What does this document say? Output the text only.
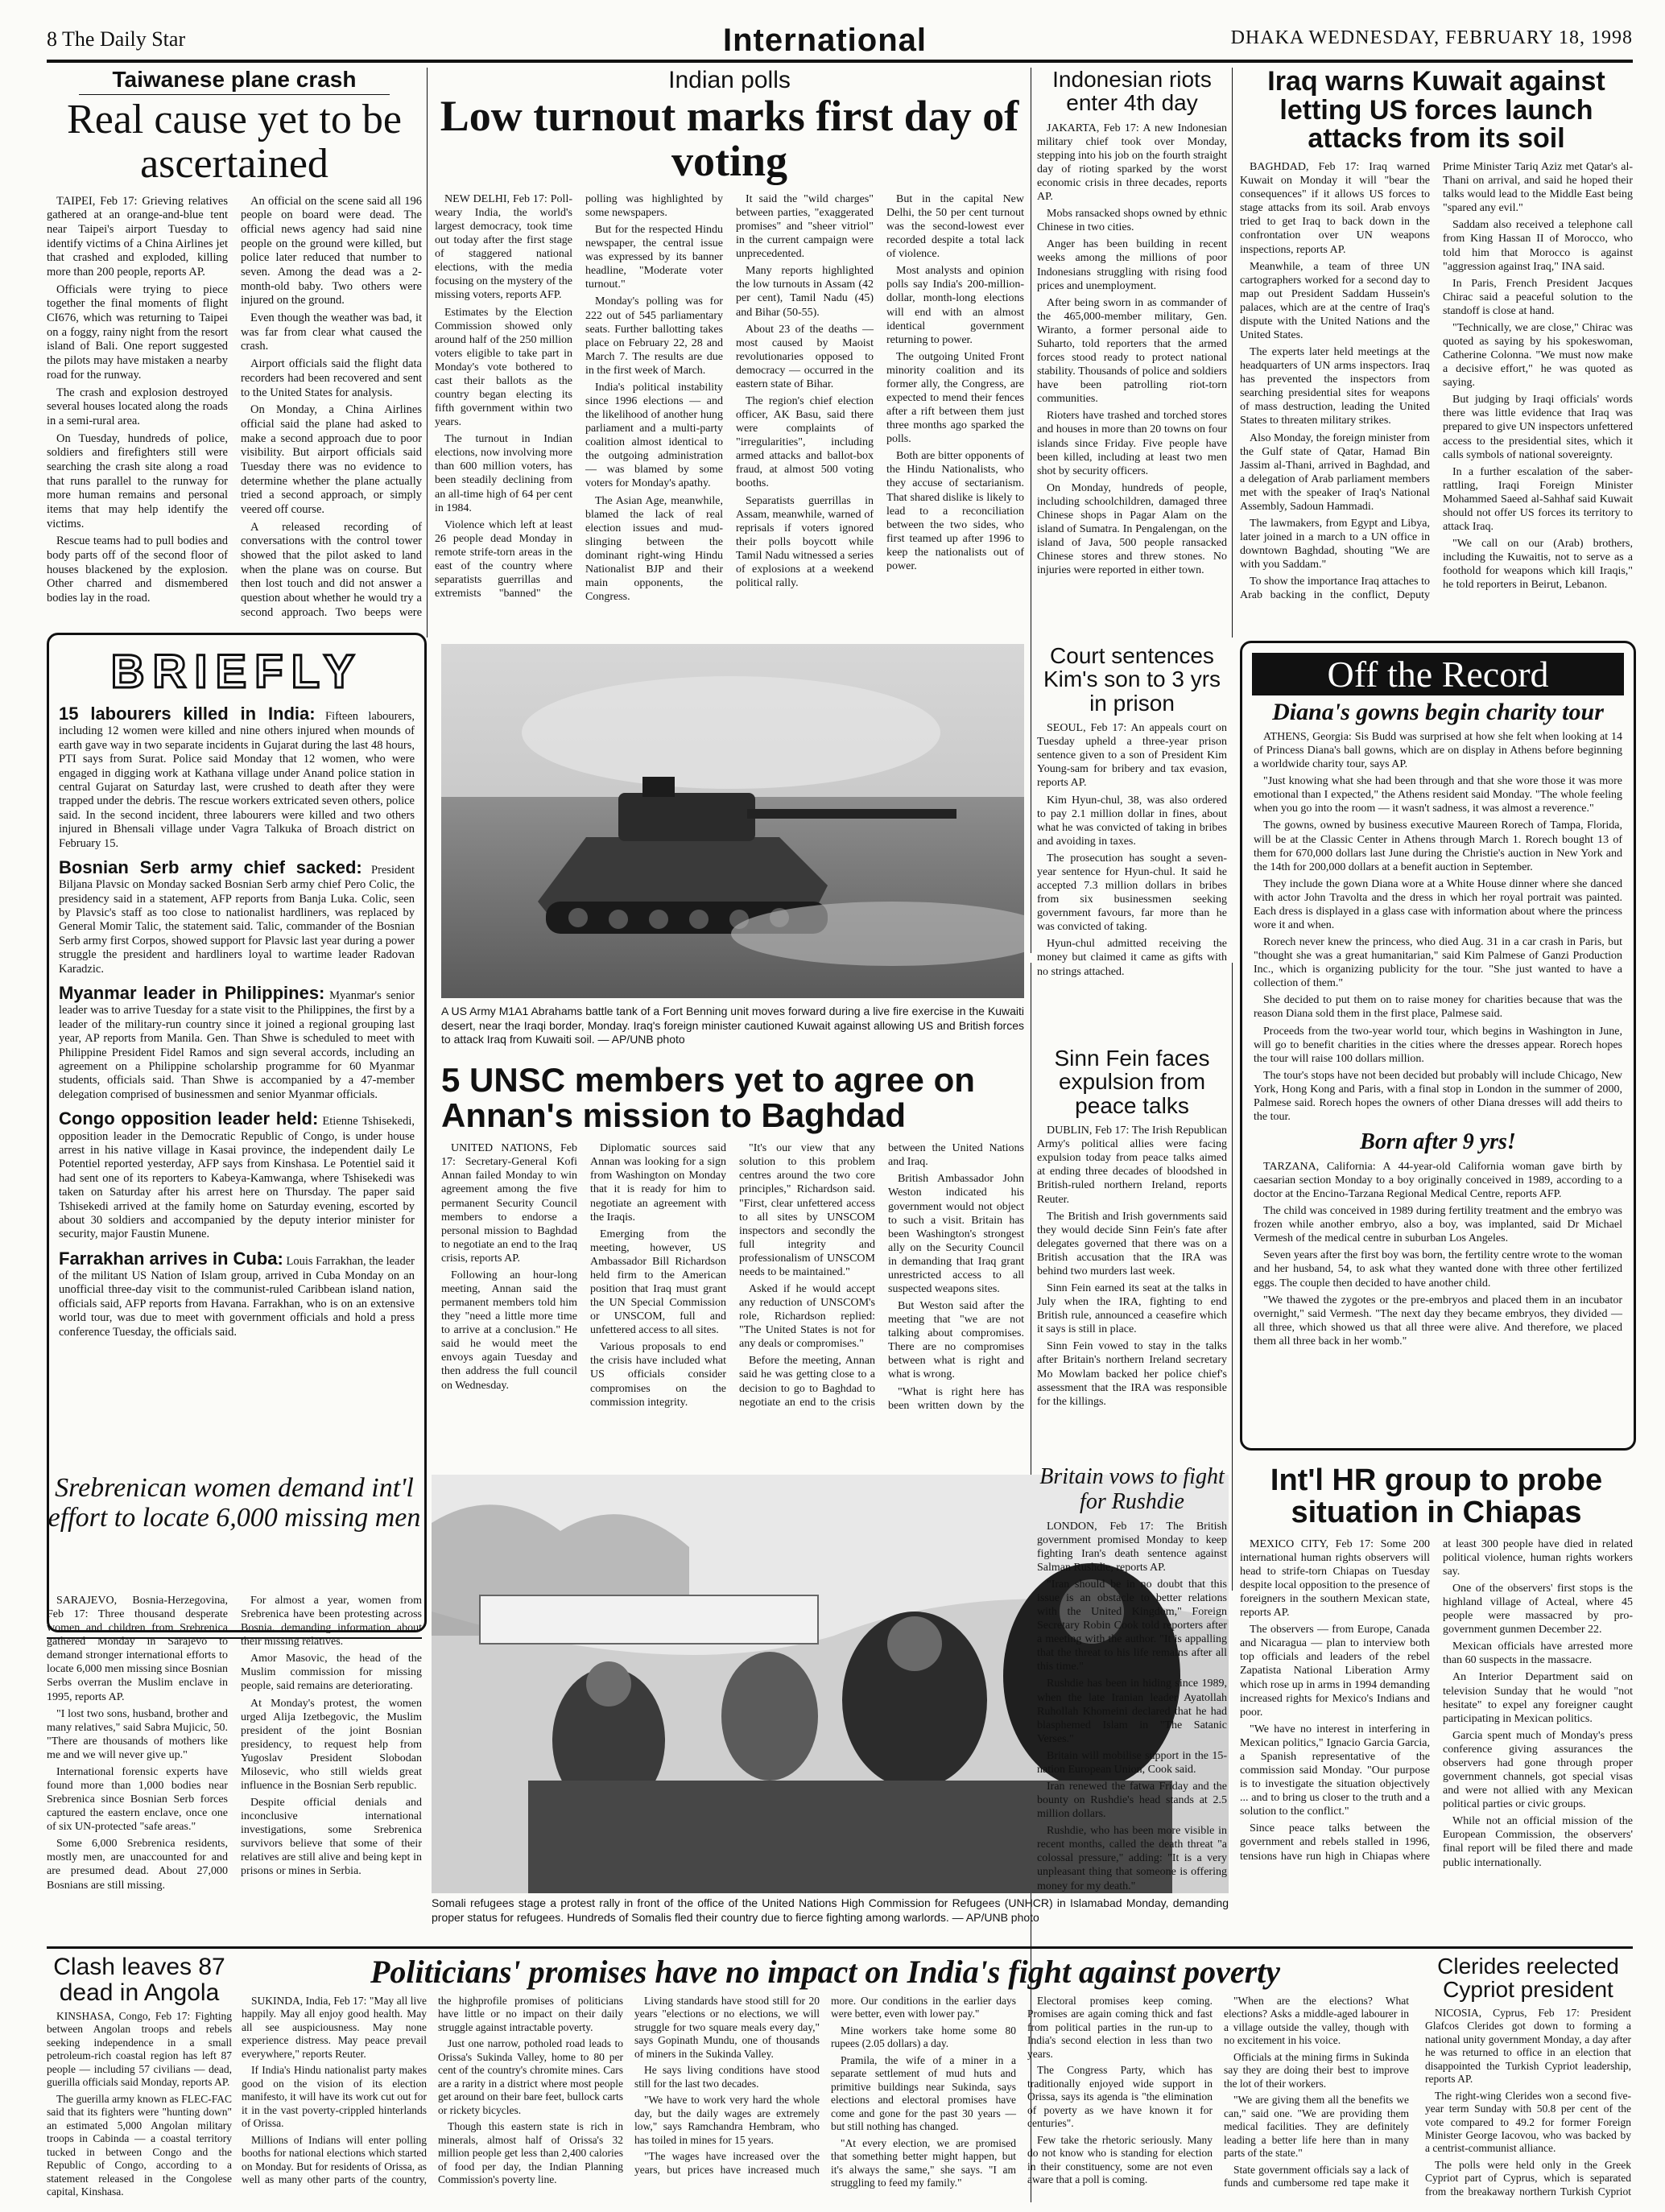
8 The Daily Star	International	DHAKA WEDNESDAY, FEBRUARY 18, 1998
Taiwanese plane crash
Real cause yet to be ascertained

TAIPEI, Feb 17: Grieving relatives gathered at an orange-and-blue tent near Taipei's airport Tuesday to identify victims of a China Airlines jet that crashed and exploded, killing more than 200 people, reports AP.

Officials were trying to piece together the final moments of flight CI676, which was returning to Taipei on a foggy, rainy night from the resort island of Bali. One report suggested the pilots may have mistaken a nearby road for the runway.

The crash and explosion destroyed several houses located along the roads in a semi-rural area.

On Tuesday, hundreds of police, soldiers and firefighters still were searching the crash site along a road that runs parallel to the runway for more human remains and personal items that may help identify the victims.

Rescue teams had to pull bodies and body parts off of the second floor of houses blackened by the explosion. Other charred and dismembered bodies lay in the road.

An official on the scene said all 196 people on board were dead. The official news agency had said nine people on the ground were killed, but police later reduced that number to seven. Among the dead was a 2-month-old baby. Two others were injured on the ground.

Even though the weather was bad, it was far from clear what caused the crash.

Airport officials said the flight data recorders had been recovered and sent to the United States for analysis.

On Monday, a China Airlines official said the plane had asked to make a second approach due to poor visibility. But airport officials said Tuesday there was no evidence to determine whether the plane actually tried a second approach, or simply veered off course.

A released recording of conversations with the control tower showed that the pilot asked to land when the plane was on course. But then lost touch and did not answer a question about whether he would try a second approach. Two beeps were

Indian polls
Low turnout marks first day of voting

NEW DELHI, Feb 17: Poll-weary India, the world's largest democracy, took time out today after the first stage of staggered national elections, with the media focusing on the mystery of the missing voters, reports AFP.

Estimates by the Election Commission showed only around half of the 250 million voters eligible to take part in Monday's vote bothered to cast their ballots as the country began electing its fifth government within two years.

The turnout in Indian elections, now involving more than 600 million voters, has been steadily declining from an all-time high of 64 per cent in 1984.

Violence which left at least 26 people dead Monday in remote strife-torn areas in the east of the country where separatists guerrillas and extremists "banned" the polling was highlighted by some newspapers.

But for the respected Hindu newspaper, the central issue was expressed by its banner headline, "Moderate voter turnout."

Monday's polling was for 222 out of 545 parliamentary seats. Further ballotting takes place on February 22, 28 and March 7. The results are due in the first week of March.

India's political instability since 1996 elections — and the likelihood of another hung parliament and a multi-party coalition almost identical to the outgoing administration — was blamed by some voters for Monday's apathy.

The Asian Age, meanwhile, blamed the lack of real election issues and mud-slinging between the dominant right-wing Hindu Nationalist BJP and their main opponents, the Congress.

It said the "wild charges" between parties, "exaggerated promises" and "sheer vitriol" in the current campaign were unprecedented.

Many reports highlighted the low turnouts in Assam (42 per cent), Tamil Nadu (45) and Bihar (50-55).

About 23 of the deaths — most caused by Maoist revolutionaries opposed to democracy — occurred in the eastern state of Bihar.

The region's chief election officer, AK Basu, said there were complaints of "irregularities", including armed attacks and ballot-box fraud, at almost 500 voting booths.

Separatists guerrillas in Assam, meanwhile, warned of reprisals if voters ignored their polls boycott while Tamil Nadu witnessed a series of explosions at a weekend political rally.

But in the capital New Delhi, the 50 per cent turnout was the second-lowest ever recorded despite a total lack of violence.

Most analysts and opinion polls say India's 200-million-dollar, month-long elections will end with an almost identical government returning to power.

The outgoing United Front minority coalition and its former ally, the Congress, are expected to mend their fences after a rift between them just three months ago sparked the polls.

Both are bitter opponents of the Hindu Nationalists, who they accuse of sectarianism. That shared dislike is likely to lead to a reconciliation between the two sides, who first teamed up after 1996 to keep the nationalists out of power.

Indonesian riots enter 4th day

JAKARTA, Feb 17: A new Indonesian military chief took over Monday, stepping into his job on the fourth straight day of rioting sparked by the worst economic crisis in three decades, reports AP.

Mobs ransacked shops owned by ethnic Chinese in two cities.

Anger has been building in recent weeks among the millions of poor Indonesians struggling with rising food prices and unemployment.

After being sworn in as commander of the 465,000-member military, Gen. Wiranto, a former personal aide to Suharto, told reporters that the armed forces stood ready to protect national stability. Thousands of police and soldiers have been patrolling riot-torn communities.

Rioters have trashed and torched stores and houses in more than 20 towns on four islands since Friday. Five people have been killed, including at least two men shot by security officers.

On Monday, hundreds of people, including schoolchildren, damaged three Chinese shops in Pagar Alam on the island of Sumatra. In Pengalengan, on the island of Java, 500 people ransacked Chinese stores and threw stones. No injuries were reported in either town.

Iraq warns Kuwait against letting US forces launch attacks from its soil

BAGHDAD, Feb 17: Iraq warned Kuwait on Monday it will "bear the consequences" if it allows US forces to stage attacks from its soil. Arab envoys tried to get Iraq to back down in the confrontation over UN weapons inspections, reports AP.

Meanwhile, a team of three UN cartographers worked for a second day to map out President Saddam Hussein's palaces, which are at the centre of Iraq's dispute with the United Nations and the United States.

The experts later held meetings at the headquarters of UN arms inspectors. Iraq has prevented the inspectors from searching presidential sites for weapons of mass destruction, leading the United States to threaten military strikes.

Also Monday, the foreign minister from the Gulf state of Qatar, Hamad Bin Jassim al-Thani, arrived in Baghdad, and a delegation of Arab parliament members met with the speaker of Iraq's National Assembly, Sadoun Hammadi.

The lawmakers, from Egypt and Libya, later joined in a march to a UN office in downtown Baghdad, shouting "We are with you Saddam."

To show the importance Iraq attaches to Arab backing in the conflict, Deputy Prime Minister Tariq Aziz met Qatar's al-Thani on arrival, and said he hoped their talks would lead to the Middle East being "spared any evil."

Saddam also received a telephone call from King Hassan II of Morocco, who told him that Morocco is against "aggression against Iraq," INA said.

In Paris, French President Jacques Chirac said a peaceful solution to the standoff is close at hand.

"Technically, we are close," Chirac was quoted as saying by his spokeswoman, Catherine Colonna. "We must now make a decisive effort," he was quoted as saying.

But judging by Iraqi officials' words there was little evidence that Iraq was prepared to give UN inspectors unfettered access to the presidential sites, which it calls symbols of national sovereignty.

In a further escalation of the saber-rattling, Iraqi Foreign Minister Mohammed Saeed al-Sahhaf said Kuwait should not offer US forces its territory to attack Iraq.

"We call on our (Arab) brothers, including the Kuwaitis, not to serve as a foothold for weapons which kill Iraqis," he told reporters in Beirut, Lebanon.

BRIEFLY
15 labourers killed in India: Fifteen labourers, including 12 women were killed and nine others injured when mounds of earth gave way in two separate incidents in Gujarat during the last 48 hours, PTI says from Surat. Police said Monday that 12 women, who were engaged in digging work at Kathana village under Anand police station in central Gujarat on Saturday last, were crushed to death after they were trapped under the debris. The rescue workers extricated seven others, police said. In the second incident, three labourers were killed and two others injured in Bhensali village under Vagra Talkuka of Broach district on February 15.
Bosnian Serb army chief sacked: President Biljana Plavsic on Monday sacked Bosnian Serb army chief Pero Colic, the presidency said in a statement, AFP reports from Banja Luka. Colic, seen by Plavsic's staff as too close to nationalist hardliners, was replaced by General Momir Talic, the statement said. Talic, commander of the Bosnian Serb army first Corpos, showed support for Plavsic last year during a power struggle the president and hardliners loyal to wartime leader Radovan Karadzic.
Myanmar leader in Philippines: Myanmar's senior leader was to arrive Tuesday for a state visit to the Philippines, the first by a leader of the military-run country since it joined a regional grouping last year, AP reports from Manila. Gen. Than Shwe is scheduled to meet with Philippine President Fidel Ramos and sign several accords, including an agreement on a Philippine scholarship programme for 60 Myanmar students, officials said. Than Shwe is accompanied by a 47-member delegation comprised of businessmen and senior Myanmar officials.
Congo opposition leader held: Etienne Tshisekedi, opposition leader in the Democratic Republic of Congo, is under house arrest in his native village in Kasai province, the independent daily Le Potentiel reported yesterday, AFP says from Kinshasa. Le Potentiel said it had sent one of its reporters to Kabeya-Kamwanga, where Tshisekedi was taken on Saturday after his arrest here on Thursday. The paper said Tshisekedi arrived at the family home on Saturday evening, escorted by about 30 soldiers and accompanied by the deputy interior minister for security, major Faustin Munene.
Farrakhan arrives in Cuba: Louis Farrakhan, the leader of the militant US Nation of Islam group, arrived in Cuba Monday on an unofficial three-day visit to the communist-ruled Caribbean island nation, officials said, AFP reports from Havana. Farrakhan, who is on an extensive world tour, was due to meet with government officials and hold a press conference Tuesday, the officials said.
A US Army M1A1 Abrahams battle tank of a Fort Benning unit moves forward during a live fire exercise in the Kuwaiti desert, near the Iraqi border, Monday. Iraq's foreign minister cautioned Kuwait against allowing US and British forces to attack Iraq from Kuwaiti soil. — AP/UNB photo
Court sentences Kim's son to 3 yrs in prison

SEOUL, Feb 17: An appeals court on Tuesday upheld a three-year prison sentence given to a son of President Kim Young-sam for bribery and tax evasion, reports AP.

Kim Hyun-chul, 38, was also ordered to pay 2.1 million dollar in fines, about what he was convicted of taking in bribes and avoiding in taxes.

The prosecution has sought a seven-year sentence for Hyun-chul. It said he accepted 7.3 million dollars in bribes from six businessmen seeking government favours, far more than he was convicted of taking.

Hyun-chul admitted receiving the money but claimed it came as gifts with no strings attached.

Sinn Fein faces expulsion from peace talks

DUBLIN, Feb 17: The Irish Republican Army's political allies were facing expulsion today from peace talks aimed at ending three decades of bloodshed in British-ruled northern Ireland, reports Reuter.

The British and Irish governments said they would decide Sinn Fein's fate after delegates governed that there was on a British accusation that the IRA was behind two murders last week.

Sinn Fein earned its seat at the talks in July when the IRA, fighting to end British rule, announced a ceasefire which it says is still in place.

Sinn Fein vowed to stay in the talks after Britain's northern Ireland secretary Mo Mowlam backed her police chief's assessment that the IRA was responsible for the killings.

Off the Record
Diana's gowns begin charity tour

ATHENS, Georgia: Sis Budd was surprised at how she felt when looking at 14 of Princess Diana's ball gowns, which are on display in Athens before beginning a worldwide charity tour, says AP.

"Just knowing what she had been through and that she wore those it was more emotional than I expected," the Athens resident said Monday. "The whole feeling when you go into the room — it wasn't sadness, it was almost a reverence."

The gowns, owned by business executive Maureen Rorech of Tampa, Florida, will be at the Classic Center in Athens through March 1. Rorech bought 13 of them for 670,000 dollars last June during the Christie's auction in New York and the 14th for 200,000 dollars at a benefit auction in September.

They include the gown Diana wore at a White House dinner where she danced with actor John Travolta and the dress in which her royal portrait was painted. Each dress is displayed in a glass case with information about where the princess wore it and when.

Rorech never knew the princess, who died Aug. 31 in a car crash in Paris, but "thought she was a great humanitarian," said Kim Palmese of Ganzi Production Inc., which is organizing publicity for the tour. "She just wanted to have a collection of them."

She decided to put them on to raise money for charities because that was the reason Diana sold them in the first place, Palmese said.

Proceeds from the two-year world tour, which begins in Washington in June, will go to benefit charities in the cities where the dresses appear. Rorech hopes the tour will raise 100 dollars million.

The tour's stops have not been decided but probably will include Chicago, New York, Hong Kong and Paris, with a final stop in London in the summer of 2000, Palmese said. Rorech hopes the owners of other Diana dresses will add theirs to the tour.

Born after 9 yrs!

TARZANA, California: A 44-year-old California woman gave birth by caesarian section Monday to a boy originally conceived in 1989, according to a doctor at the Encino-Tarzana Regional Medical Centre, reports AFP.

The child was conceived in 1989 during fertility treatment and the embryo was frozen while another embryo, also a boy, was implanted, said Dr Michael Vermesh of the medical centre in suburban Los Angeles.

Seven years after the first boy was born, the fertility centre wrote to the woman and her husband, 54, to ask what they wanted done with three other fertilized eggs. The couple then decided to have another child.

"We thawed the zygotes or the pre-embryos and placed them in an incubator overnight," said Vermesh. "The next day they became embryos, they divided — all three, which showed us that all three were alive. And therefore, we placed them all three back in her womb."

5 UNSC members yet to agree on Annan's mission to Baghdad

UNITED NATIONS, Feb 17: Secretary-General Kofi Annan failed Monday to win agreement among the five permanent Security Council members to endorse a personal mission to Baghdad to negotiate an end to the Iraq crisis, reports AP.

Following an hour-long meeting, Annan said the permanent members told him they "need a little more time to arrive at a conclusion." He said he would meet the envoys again Tuesday and then address the full council on Wednesday.

Diplomatic sources said Annan was looking for a sign from Washington on Monday that it is ready for him to negotiate an agreement with the Iraqis.

Emerging from the meeting, however, US Ambassador Bill Richardson held firm to the American position that Iraq must grant the UN Special Commission or UNSCOM, full and unfettered access to all sites.

Various proposals to end the crisis have included what US officials consider compromises on the commission integrity.

"It's our view that any solution to this problem centres around the two core principles," Richardson said. "First, clear unfettered access to all sites by UNSCOM inspectors and secondly the full integrity and professionalism of UNSCOM needs to be maintained."

Asked if he would accept any reduction of UNSCOM's role, Richardson replied: "The United States is not for any deals or compromises."

Before the meeting, Annan said he was getting close to a decision to go to Baghdad to negotiate an end to the crisis between the United Nations and Iraq.

British Ambassador John Weston indicated his government would not object to such a visit. Britain has been Washington's strongest ally on the Security Council in demanding that Iraq grant unrestricted access to all suspected weapons sites.

But Weston said after the meeting that "we are not talking about compromises. There are no compromises between what is right and what is wrong.

"What is right here has been written down by the

Srebrenican women demand int'l effort to locate 6,000 missing men

SARAJEVO, Bosnia-Herzegovina, Feb 17: Three thousand desperate women and children from Srebrenica gathered Monday in Sarajevo to demand stronger international efforts to locate 6,000 men missing since Bosnian Serbs overran the Muslim enclave in 1995, reports AP.

"I lost two sons, husband, brother and many relatives," said Sabra Mujicic, 50. "There are thousands of mothers like me and we will never give up."

International forensic experts have found more than 1,000 bodies near Srebrenica since Bosnian Serb forces captured the eastern enclave, once one of six UN-protected "safe areas."

Some 6,000 Srebrenica residents, mostly men, are unaccounted for and are presumed dead. About 27,000 Bosnians are still missing.

For almost a year, women from Srebrenica have been protesting across Bosnia, demanding information about their missing relatives.

Amor Masovic, the head of the Muslim commission for missing people, said remains are deteriorating.

At Monday's protest, the women urged Alija Izetbegovic, the Muslim president of the joint Bosnian presidency, to request help from Yugoslav President Slobodan Milosevic, who still wields great influence in the Bosnian Serb republic.

Despite official denials and inconclusive international investigations, some Srebrenica survivors believe that some of their relatives are still alive and being kept in prisons or mines in Serbia.

Somali refugees stage a protest rally in front of the office of the United Nations High Commission for Refugees (UNHCR) in Islamabad Monday, demanding proper status for refugees. Hundreds of Somalis fled their country due to fierce fighting among warlords. — AP/UNB photo
Britain vows to fight for Rushdie

LONDON, Feb 17: The British government promised Monday to keep fighting Iran's death sentence against Salman Rushdie, reports AP.

"Iran should be in no doubt that this issue is an obstacle to better relations with the United Kingdom," Foreign Secretary Robin Cook told reporters after a meeting with the author. "It is appalling that the threat to his life remains after all this time."

Rushdie has been in hiding since 1989, when the late Iranian leader Ayatollah Ruhollah Khomeini declared that he had blasphemed Islam in "The Satanic Verses."

Britain will mobilise support in the 15-nation European Union, Cook said.

Iran renewed the fatwa Friday and the bounty on Rushdie's head stands at 2.5 million dollars.

Rushdie, who has been more visible in recent months, called the death threat "a colossal pressure," adding: "It is a very unpleasant thing that someone is offering money for my death."

Int'l HR group to probe situation in Chiapas

MEXICO CITY, Feb 17: Some 200 international human rights observers will head to strife-torn Chiapas on Tuesday despite local opposition to the presence of foreigners in the southern Mexican state, reports AP.

The observers — from Europe, Canada and Nicaragua — plan to interview both top officials and leaders of the rebel Zapatista National Liberation Army which rose up in arms in 1994 demanding increased rights for Mexico's Indians and poor.

"We have no interest in interfering in Mexican politics," Ignacio Garcia Garcia, a Spanish representative of the commission said Monday. "Our purpose is to investigate the situation objectively ... and to bring us closer to the truth and a solution to the conflict."

Since peace talks between the government and rebels stalled in 1996, tensions have run high in Chiapas where at least 300 people have died in related political violence, human rights workers say.

One of the observers' first stops is the highland village of Acteal, where 45 people were massacred by pro-government gunmen December 22.

Mexican officials have arrested more than 60 suspects in the massacre.

An Interior Department said on television Sunday that he would "not hesitate" to expel any foreigner caught participating in Mexican politics.

Garcia spent much of Monday's press conference giving assurances the observers had gone through proper government channels, got special visas and were not allied with any Mexican political parties or civic groups.

While not an official mission of the European Commission, the observers' final report will be filed there and made public internationally.

Clash leaves 87 dead in Angola

KINSHASA, Congo, Feb 17: Fighting between Angolan troops and rebels seeking independence in a small petroleum-rich coastal region has left 87 people — including 57 civilians — dead, guerilla officials said Monday, reports AP.

The guerilla army known as FLEC-FAC said that its fighters were "hunting down" an estimated 5,000 Angolan military troops in Cabinda — a coastal territory tucked in between Congo and the Republic of Congo, according to a statement released in the Congolese capital, Kinshasa.

Politicians' promises have no impact on India's fight against poverty

SUKINDA, India, Feb 17: "May all live happily. May all enjoy good health. May all see auspiciousness. May none experience distress. May peace prevail everywhere," reports Reuter.

If India's Hindu nationalist party makes good on the vision of its election manifesto, it will have its work cut out for it in the vast poverty-crippled hinterlands of Orissa.

Millions of Indians will enter polling booths for national elections which started on Monday. But for residents of Orissa, as well as many other parts of the country, the highprofile promises of politicians have little or no impact on their daily struggle against intractable poverty.

Just one narrow, potholed road leads to Orissa's Sukinda Valley, home to 80 per cent of the country's chromite mines. Cars are a rarity in a district where most people get around on their bare feet, bullock carts or rickety bicycles.

Though this eastern state is rich in minerals, almost half of Orissa's 32 million people get less than 2,400 calories of food per day, the Indian Planning Commission's poverty line.

Living standards have stood still for 20 years "elections or no elections, we will struggle for two square meals every day," says Gopinath Mundu, one of thousands of miners in the Sukinda Valley.

He says living conditions have stood still for the last two decades.

"We have to work very hard the whole day, but the daily wages are extremely low," says Ramchandra Hembram, who has toiled in mines for 15 years.

"The wages have increased over the years, but prices have increased much more. Our conditions in the earlier days were better, even with lower pay."

Mine workers take home some 80 rupees (2.05 dollars) a day.

Pramila, the wife of a miner in a separate settlement of mud huts and primitive buildings near Sukinda, says elections and electoral promises have come and gone for the past 30 years — but still nothing has changed.

"At every election, we are promised that something better might happen, but it's always the same," she says. "I am struggling to feed my family."

Electoral promises keep coming. Promises are again coming thick and fast from political parties in the run-up to India's second election in less than two years.

The Congress Party, which has traditionally enjoyed wide support in Orissa, says its agenda is "the elimination of poverty as we have known it for centuries".

Few take the rhetoric seriously. Many do not know who is standing for election in their constituency, some are not even aware that a poll is coming.

"When are the elections? What elections? Asks a middle-aged labourer in a village outside the valley, though with no excitement in his voice.

Officials at the mining firms in Sukinda say they are doing their best to improve the lot of their workers.

"We are giving them all the benefits we can," said one. "We are providing them medical facilities. They are definitely leading a better life here than in many parts of the state."

State government officials say a lack of funds and cumbersome red tape make it

Clerides reelected Cypriot president

NICOSIA, Cyprus, Feb 17: President Glafcos Clerides got down to forming a national unity government Monday, a day after he was returned to office in an election that disappointed the Turkish Cypriot leadership, reports AP.

The right-wing Clerides won a second five-year term Sunday with 50.8 per cent of the vote compared to 49.2 for former Foreign Minister George Iacovou, who was backed by a centrist-communist alliance.

The polls were held only in the Greek Cypriot part of Cyprus, which is separated from the breakaway northern Turkish Cypriot
